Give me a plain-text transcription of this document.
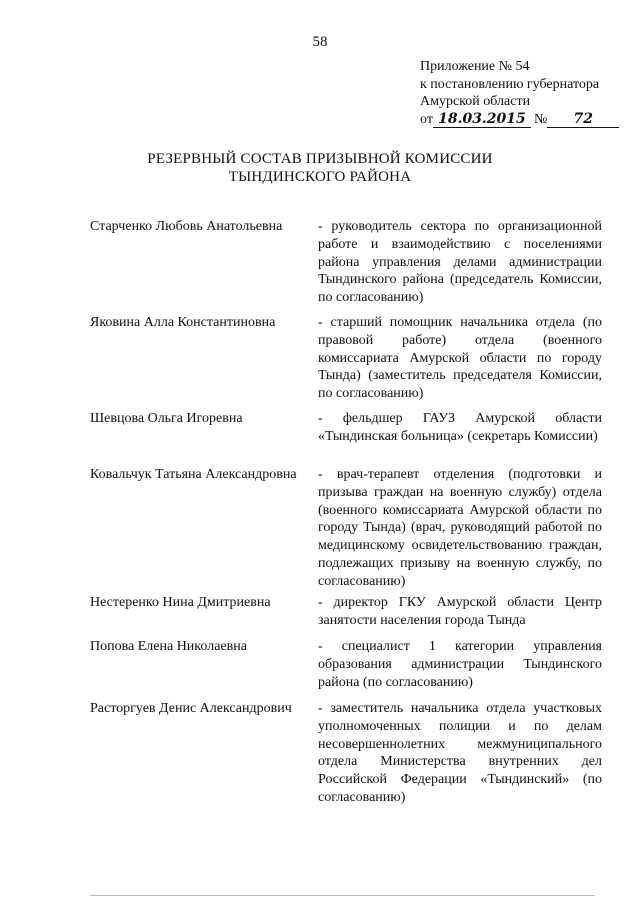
58
Приложение № 54
к постановлению губернатора
Амурской области
от 18.03.2015 №	72
РЕЗЕРВНЫЙ СОСТАВ ПРИЗЫВНОЙ КОМИССИИ
ТЫНДИНСКОГО РАЙОНА
Старченко Любовь Анатольевна	- руководитель сектора по организационной работе и взаимодействию с поселениями района управления делами администрации Тындинского района (председатель Комиссии, по согласованию)
Яковина Алла Константиновна	- старший помощник начальника отдела (по правовой работе) отдела (военного комиссариата Амурской области по городу Тында) (заместитель председателя Комиссии, по согласованию)
Шевцова Ольга Игоревна	- фельдшер ГАУЗ Амурской области «Тындинская больница» (секретарь Комиссии)
Ковальчук Татьяна Александровна	- врач-терапевт отделения (подготовки и призыва граждан на военную службу) отдела (военного комиссариата Амурской области по городу Тында) (врач, руководящий работой по медицинскому освидетельствованию граждан, подлежащих призыву на военную службу, по согласованию)
Нестеренко Нина Дмитриевна	- директор ГКУ Амурской области Центр занятости населения города Тында
Попова Елена Николаевна	- специалист 1 категории управления образования администрации Тындинского района (по согласованию)
Расторгуев Денис Александрович	- заместитель начальника отдела участковых уполномоченных полиции и по делам несовершеннолетних межмуниципального отдела Министерства внутренних дел Российской Федерации «Тындинский» (по согласованию)
